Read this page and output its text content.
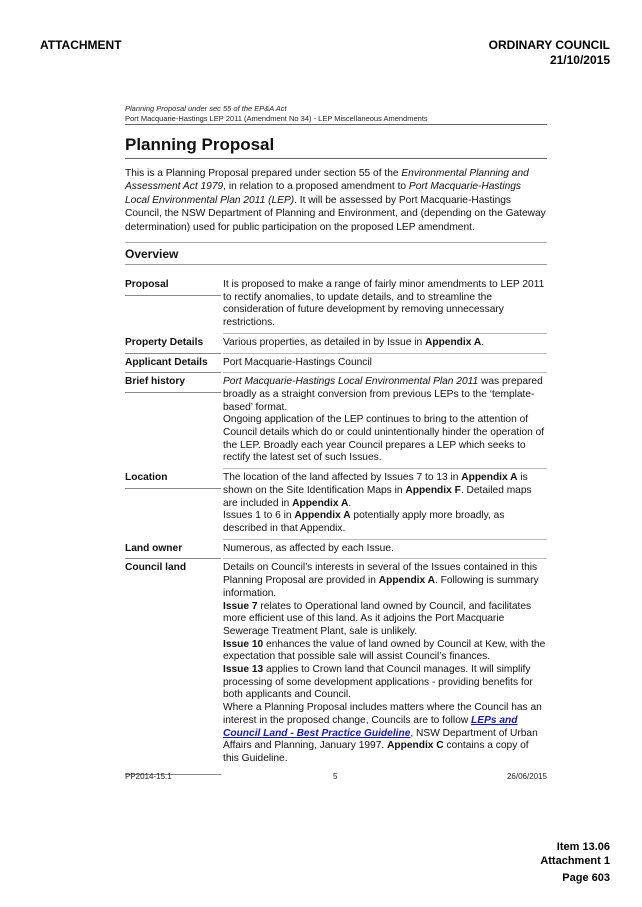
ATTACHMENT	ORDINARY COUNCIL
21/10/2015
Planning Proposal under sec 55 of the EP&A Act
Port Macquarie-Hastings LEP 2011 (Amendment No 34) - LEP Miscellaneous Amendments
Planning Proposal
This is a Planning Proposal prepared under section 55 of the Environmental Planning and Assessment Act 1979, in relation to a proposed amendment to Port Macquarie-Hastings Local Environmental Plan 2011 (LEP). It will be assessed by Port Macquarie-Hastings Council, the NSW Department of Planning and Environment, and (depending on the Gateway determination) used for public participation on the proposed LEP amendment.
Overview
Proposal	It is proposed to make a range of fairly minor amendments to LEP 2011 to rectify anomalies, to update details, and to streamline the consideration of future development by removing unnecessary restrictions.

Property Details	Various properties, as detailed in by Issue in Appendix A.

Applicant Details	Port Macquarie-Hastings Council

Brief history	Port Macquarie-Hastings Local Environmental Plan 2011 was prepared broadly as a straight conversion from previous LEPs to the ‘template-based’ format.
Ongoing application of the LEP continues to bring to the attention of Council details which do or could unintentionally hinder the operation of the LEP. Broadly each year Council prepares a LEP which seeks to rectify the latest set of such Issues.

Location	The location of the land affected by Issues 7 to 13 in Appendix A is shown on the Site Identification Maps in Appendix F. Detailed maps are included in Appendix A.
Issues 1 to 6 in Appendix A potentially apply more broadly, as described in that Appendix.

Land owner	Numerous, as affected by each Issue.

Council land	Details on Council’s interests in several of the Issues contained in this Planning Proposal are provided in Appendix A. Following is summary information.
Issue 7 relates to Operational land owned by Council, and facilitates more efficient use of this land. As it adjoins the Port Macquarie Sewerage Treatment Plant, sale is unlikely.
Issue 10 enhances the value of land owned by Council at Kew, with the expectation that possible sale will assist Council’s finances.
Issue 13 applies to Crown land that Council manages. It will simplify processing of some development applications - providing benefits for both applicants and Council.
Where a Planning Proposal includes matters where the Council has an interest in the proposed change, Councils are to follow LEPs and Council Land - Best Practice Guideline, NSW Department of Urban Affairs and Planning, January 1997. Appendix C contains a copy of this Guideline.
PP2014-15.1	5	26/06/2015
Item 13.06
Attachment 1
Page 603
